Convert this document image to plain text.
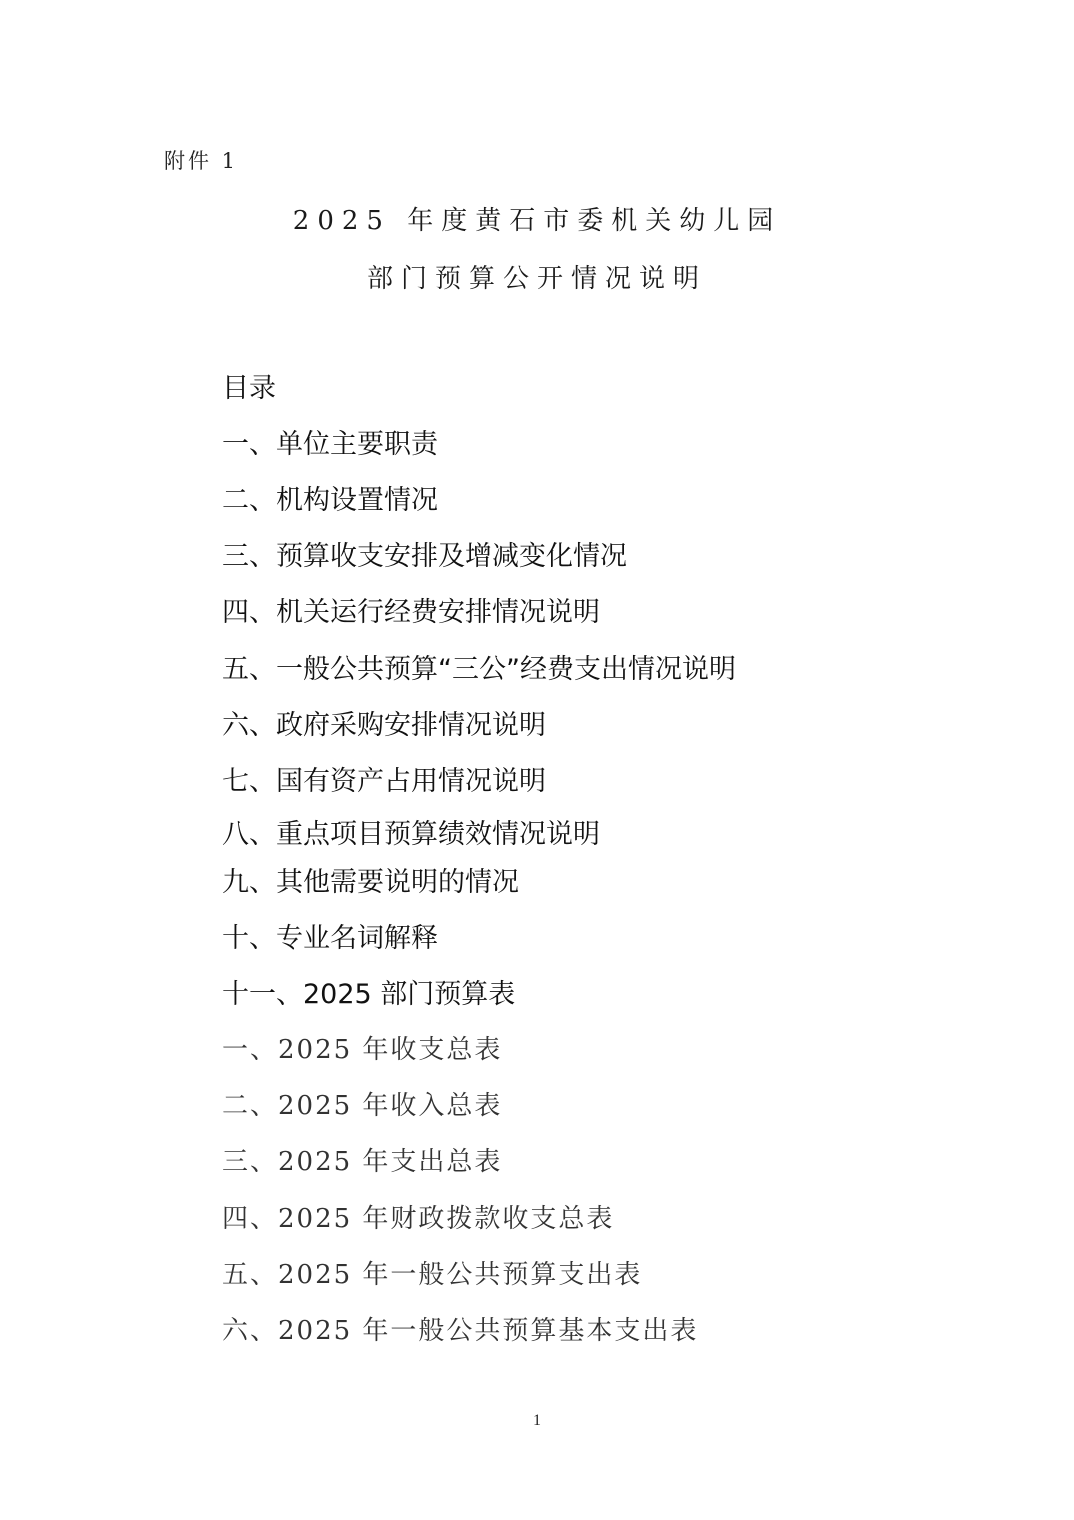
附件 1
2025 年度黄石市委机关幼儿园
部门预算公开情况说明
目录
一、单位主要职责
二、机构设置情况
三、预算收支安排及增减变化情况
四、机关运行经费安排情况说明
五、一般公共预算“三公”经费支出情况说明
六、政府采购安排情况说明
七、国有资产占用情况说明
八、重点项目预算绩效情况说明
九、其他需要说明的情况
十、专业名词解释
十一、2025 部门预算表
一、2025 年收支总表
二、2025 年收入总表
三、2025 年支出总表
四、2025 年财政拨款收支总表
五、2025 年一般公共预算支出表
六、2025 年一般公共预算基本支出表
1
